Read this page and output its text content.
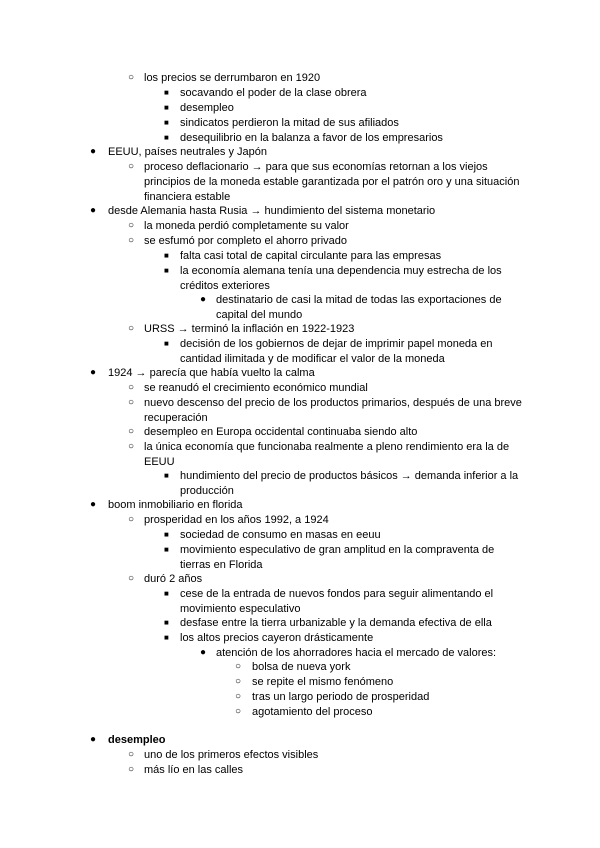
○ los precios se derrumbaron en 1920
■ socavando el poder de la clase obrera
■ desempleo
■ sindicatos perdieron la mitad de sus afiliados
■ desequilibrio en la balanza a favor de los empresarios
● EEUU, países neutrales y Japón
○ proceso deflacionario → para que sus economías retornan a los viejos
principios de la moneda estable garantizada por el patrón oro y una situación
financiera estable
● desde Alemania hasta Rusia → hundimiento del sistema monetario
○ la moneda perdió completamente su valor
○ se esfumó por completo el ahorro privado
■ falta casi total de capital circulante para las empresas
■ la economía alemana tenía una dependencia muy estrecha de los
créditos exteriores
● destinatario de casi la mitad de todas las exportaciones de
capital del mundo
○ URSS → terminó la inflación en 1922-1923
■ decisión de los gobiernos de dejar de imprimir papel moneda en
cantidad ilimitada y de modificar el valor de la moneda
● 1924 → parecía que había vuelto la calma
○ se reanudó el crecimiento económico mundial
○ nuevo descenso del precio de los productos primarios, después de una breve
recuperación
○ desempleo en Europa occidental continuaba siendo alto
○ la única economía que funcionaba realmente a pleno rendimiento era la de
EEUU
■ hundimiento del precio de productos básicos → demanda inferior a la
producción
● boom inmobiliario en florida
○ prosperidad en los años 1992, a 1924
■ sociedad de consumo en masas en eeuu
■ movimiento especulativo de gran amplitud en la compraventa de
tierras en Florida
○ duró 2 años
■ cese de la entrada de nuevos fondos para seguir alimentando el
movimiento especulativo
■ desfase entre la tierra urbanizable y la demanda efectiva de ella
■ los altos precios cayeron drásticamente
● atención de los ahorradores hacia el mercado de valores:
○ bolsa de nueva york
○ se repite el mismo fenómeno
○ tras un largo periodo de prosperidad
○ agotamiento del proceso
● desempleo
○ uno de los primeros efectos visibles
○ más lío en las calles
